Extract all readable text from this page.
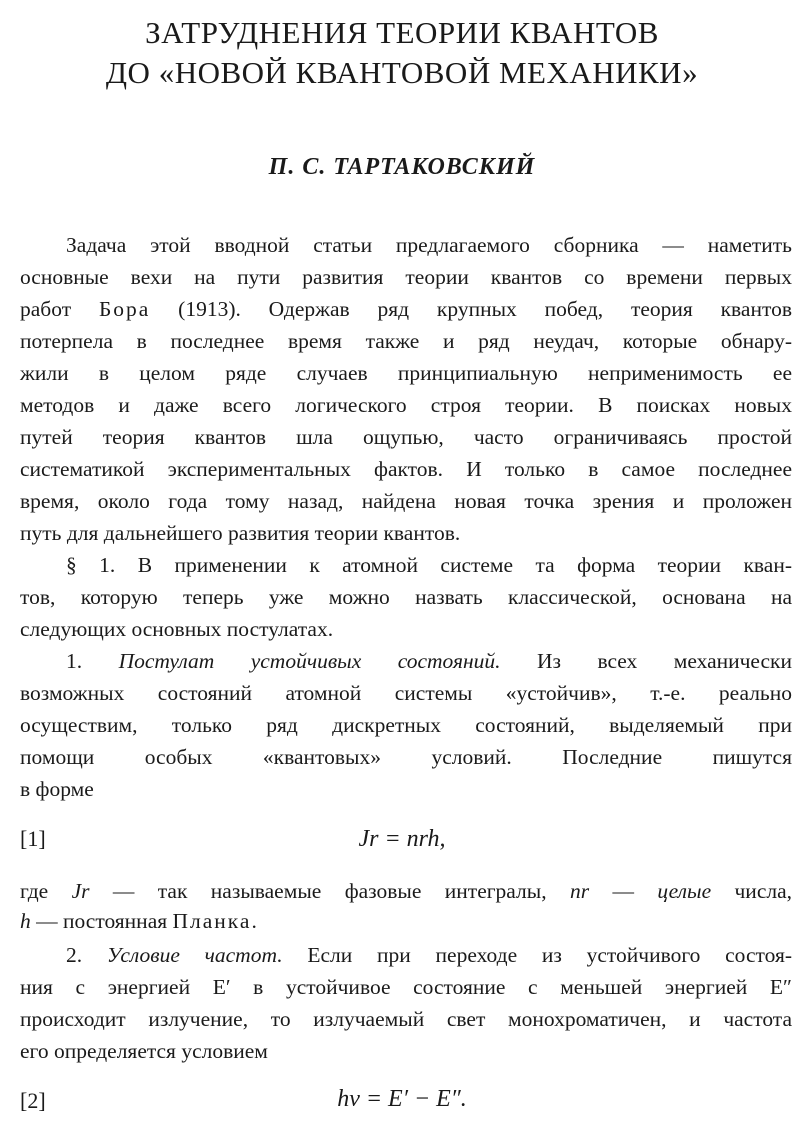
ЗАТРУДНЕНИЯ ТЕОРИИ КВАНТОВ
ДО «НОВОЙ КВАНТОВОЙ МЕХАНИКИ»
П. С. ТАРТАКОВСКИЙ
Задача этой вводной статьи предлагаемого сборника — наметить
основные вехи на пути развития теории квантов со времени первых
работ Бора (1913). Одержав ряд крупных побед, теория квантов
потерпела в последнее время также и ряд неудач, которые обнару-
жили в целом ряде случаев принципиальную неприменимость ее
методов и даже всего логического строя теории. В поисках новых
путей теория квантов шла ощупью, часто ограничиваясь простой
систематикой экспериментальных фактов. И только в самое последнее
время, около года тому назад, найдена новая точка зрения и проложен
путь для дальнейшего развития теории квантов.
§ 1. В применении к атомной системе та форма теории кван-
тов, которую теперь уже можно назвать классической, основана на
следующих основных постулатах.
1. Постулат устойчивых состояний. Из всех механически
возможных состояний атомной системы «устойчив», т.-е. реально
осуществим, только ряд дискретных состояний, выделяемый при
помощи особых «квантовых» условий. Последние пишутся
в форме
[1]	Jr = nrh,
где Jr — так называемые фазовые интегралы, nr — целые числа,
h — постоянная Планка.
2. Условие частот. Если при переходе из устойчивого состоя-
ния с энергией E′ в устойчивое состояние с меньшей энергией E″
происходит излучение, то излучаемый свет монохроматичен, и частота
его определяется условием
[2]	hν = E′ − E″.
